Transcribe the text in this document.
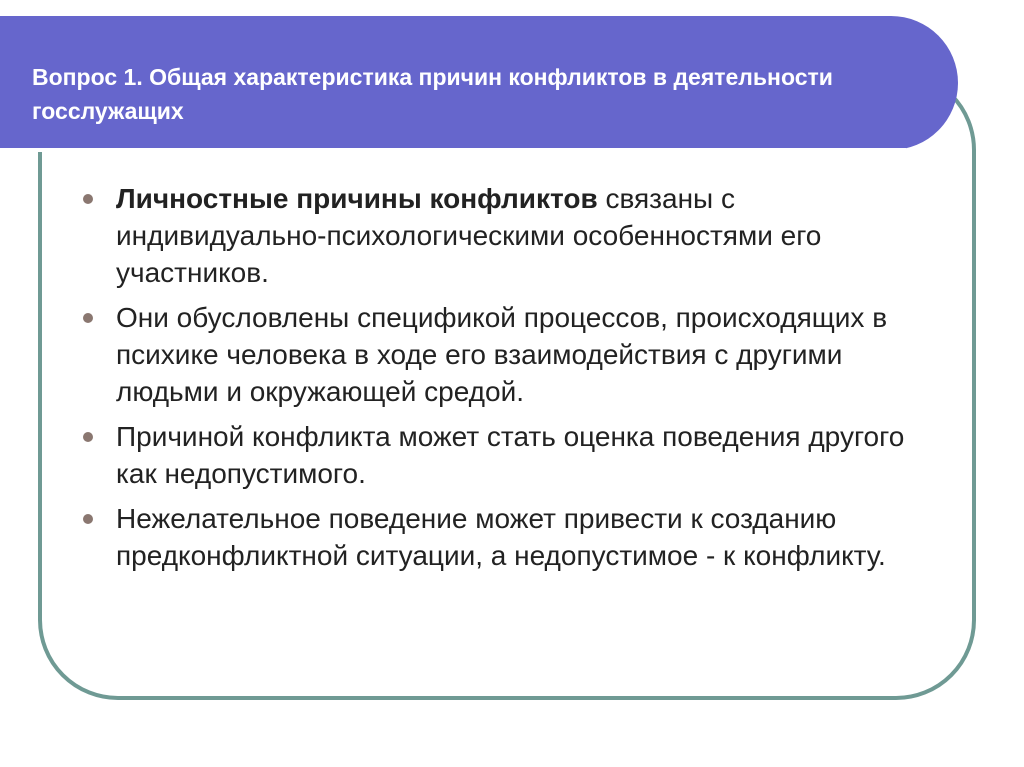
Вопрос 1. Общая характеристика причин конфликтов в деятельности госслужащих
Личностные причины конфликтов связаны с индивидуально-психологическими особенностями его участников.
Они обусловлены спецификой процессов, происходящих в психике человека в ходе его взаимодействия с другими людьми и окружающей средой.
Причиной конфликта может стать оценка поведения другого как недопустимого.
Нежелательное поведение может привести к созданию предконфликтной ситуации, а недопустимое - к конфликту.
